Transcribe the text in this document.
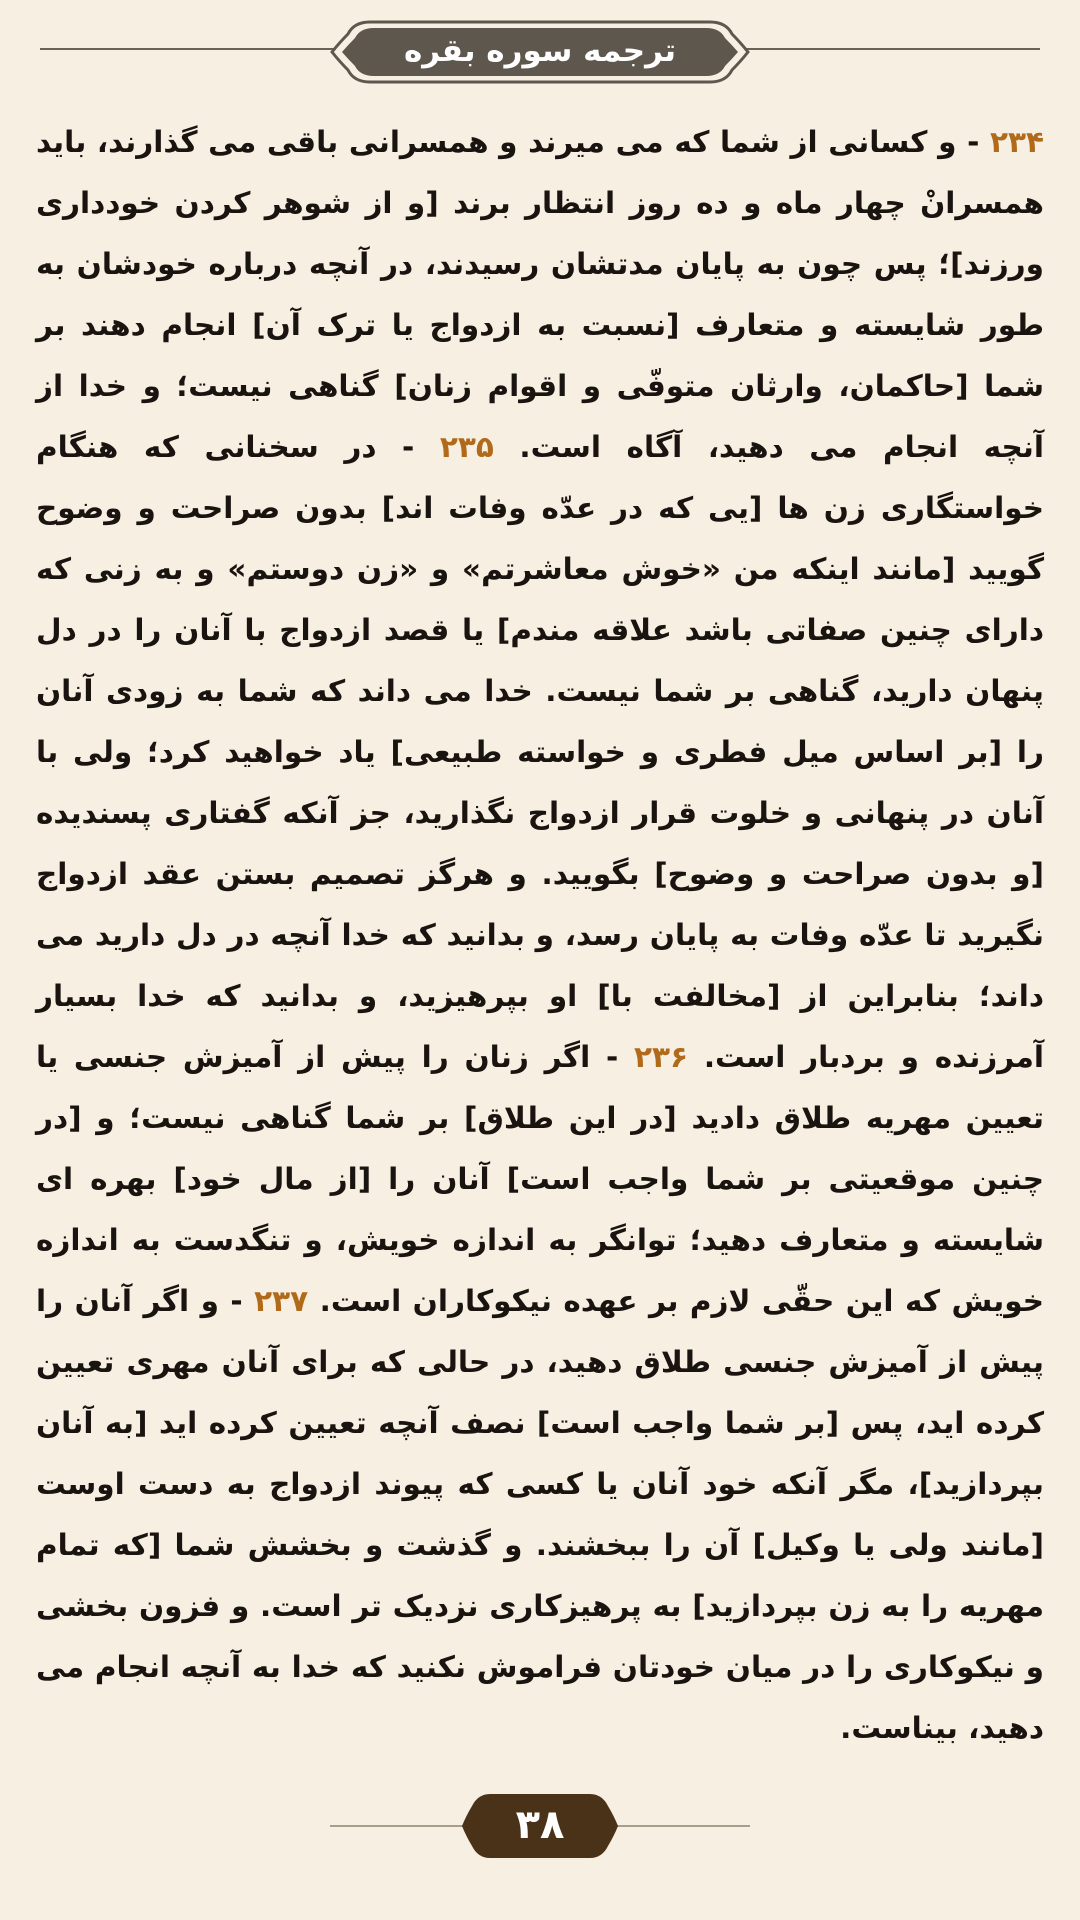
ترجمه سوره بقره

۲۳۴ - و کسانی از شما که می میرند و همسرانی باقی می گذارند، باید همسرانْ چهار ماه و ده روز انتظار برند [و از شوهر کردن خودداری ورزند]؛ پس چون به پایان مدتشان رسیدند، در آنچه درباره خودشان به طور شایسته و متعارف [نسبت به ازدواج یا ترک آن] انجام دهند بر شما [حاکمان، وارثان متوفّی و اقوام زنان] گناهی نیست؛ و خدا از آنچه انجام می دهید، آگاه است. ۲۳۵ - در سخنانی که هنگام خواستگاری زن ها [یی که در عدّه وفات اند] بدون صراحت و وضوح گویید [مانند اینکه من «خوش معاشرتم» و «زن دوستم» و به زنی که دارای چنین صفاتی باشد علاقه مندم] یا قصد ازدواج با آنان را در دل پنهان دارید، گناهی بر شما نیست. خدا می داند که شما به زودی آنان را [بر اساس میل فطری و خواسته طبیعی] یاد خواهید کرد؛ ولی با آنان در پنهانی و خلوت قرار ازدواج نگذارید، جز آنکه گفتاری پسندیده [و بدون صراحت و وضوح] بگویید. و هرگز تصمیم بستن عقد ازدواج نگیرید تا عدّه وفات به پایان رسد، و بدانید که خدا آنچه در دل دارید می داند؛ بنابراین از [مخالفت با] او بپرهیزید، و بدانید که خدا بسیار آمرزنده و بردبار است. ۲۳۶ - اگر زنان را پیش از آمیزش جنسی یا تعیین مهریه طلاق دادید [در این طلاق] بر شما گناهی نیست؛ و [در چنین موقعیتی بر شما واجب است] آنان را [از مال خود] بهره ای شایسته و متعارف دهید؛ توانگر به اندازه خویش، و تنگدست به اندازه خویش که این حقّی لازم بر عهده نیکوکاران است. ۲۳۷ - و اگر آنان را پیش از آمیزش جنسی طلاق دهید، در حالی که برای آنان مهری تعیین کرده اید، پس [بر شما واجب است] نصف آنچه تعیین کرده اید [به آنان بپردازید]، مگر آنکه خود آنان یا کسی که پیوند ازدواج به دست اوست [مانند ولی یا وکیل] آن را ببخشند. و گذشت و بخشش شما [که تمام مهریه را به زن بپردازید] به پرهیزکاری نزدیک تر است. و فزون بخشی و نیکوکاری را در میان خودتان فراموش نکنید که خدا به آنچه انجام می دهید، بیناست.

۳۸
